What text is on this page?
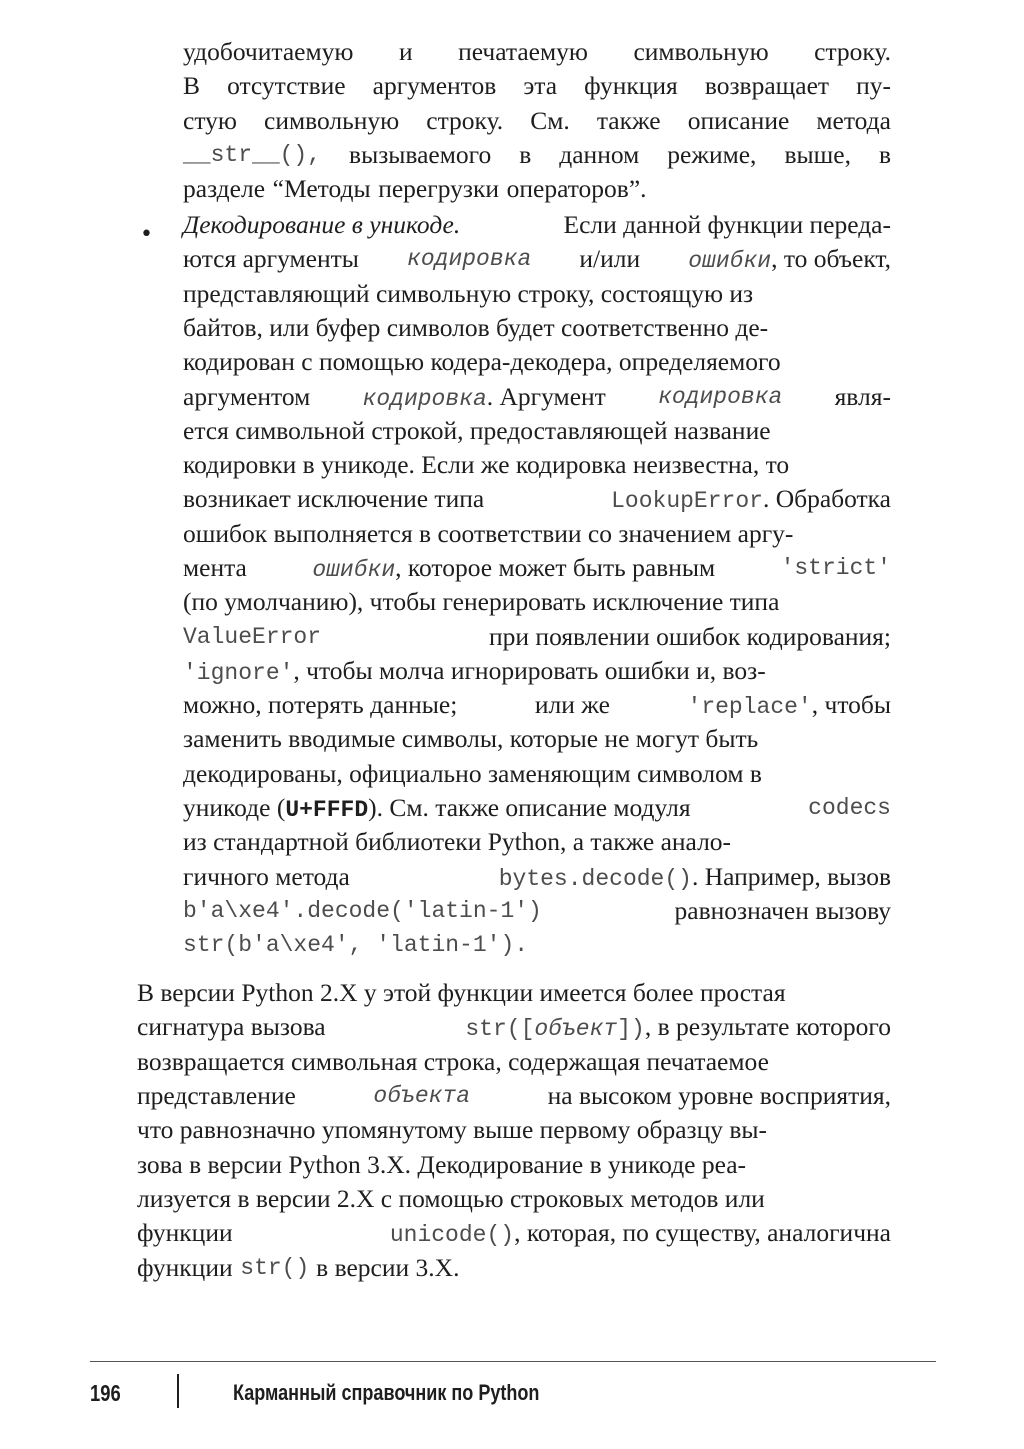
удобочитаемую и печатаемую символьную строку.
В отсутствие аргументов эта функция возвращает пу-
стую символьную строку. См. также описание метода
__str__(), вызываемого в данном режиме, выше, в
разделе “Методы перегрузки операторов”.
• Декодирование в уникоде.	Если данной функции переда-
ются аргументы кодировка и/или ошибки, то объект,
представляющий символьную строку, состоящую из
байтов, или буфер символов будет соответственно де-
кодирован с помощью кодера-декодера, определяемого
аргументом кодировка. Аргумент кодировка явля-
ется символьной строкой, предоставляющей название
кодировки в уникоде. Если же кодировка неизвестна, то
возникает исключение типа	LookupError. Обработка
ошибок выполняется в соответствии со значением аргу-
мента	ошибки, которое может быть равным	'strict'
(по умолчанию), чтобы генерировать исключение типа
ValueError	при появлении ошибок кодирования;
'ignore', чтобы молча игнорировать ошибки и, воз-
можно, потерять данные;	или же	'replace', чтобы
заменить вводимые символы, которые не могут быть
декодированы, официально заменяющим символом в
уникоде (U+FFFD). См. также описание модуля	codecs
из стандартной библиотеки Python, а также анало-
гичного метода	bytes.decode(). Например, вызов
b'a\xe4'.decode('latin-1')	равнозначен вызову
str(b'a\xe4', 'latin-1').
В версии Python 2.X у этой функции имеется более простая
сигнатура вызова	str([объект]), в результате которого
возвращается символьная строка, содержащая печатаемое
представление	объекта	на высоком уровне восприятия,
что равнозначно упомянутому выше первому образцу вы-
зова в версии Python 3.X. Декодирование в уникоде реа-
лизуется в версии 2.X с помощью строковых методов или
функции	unicode(), которая, по существу, аналогична
функции str() в версии 3.X.
196	Карманный справочник по Python
